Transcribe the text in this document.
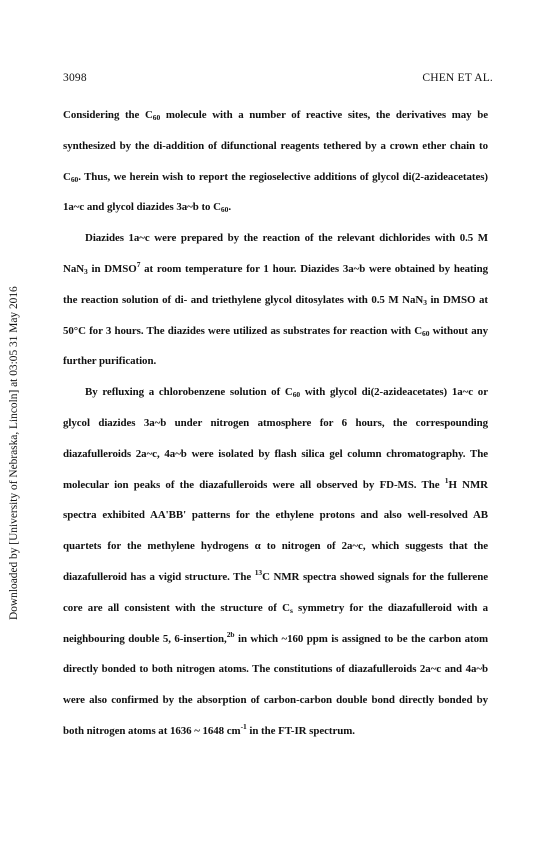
3098	CHEN ET AL.
Downloaded by [University of Nebraska, Lincoln] at 03:05 31 May 2016

Considering the $C_{60}$ molecule with a number of reactive sites, the derivatives may be synthesized by the di-addition of difunctional reagents tethered by a crown ether chain to $C_{60}$. Thus, we herein wish to report the regioselective additions of glycol di(2-azideacetates) 1a~c and glycol diazides 3a~b to $C_{60}$.

Diazides 1a~c were prepared by the reaction of the relevant dichlorides with 0.5 M NaN$_3$ in DMSO$^7$ at room temperature for 1 hour. Diazides 3a~b were obtained by heating the reaction solution of di- and triethylene glycol ditosylates with 0.5 M NaN$_3$ in DMSO at 50°C for 3 hours. The diazides were utilized as substrates for reaction with $C_{60}$ without any further purification.

By refluxing a chlorobenzene solution of $C_{60}$ with glycol di(2-azideacetates) 1a~c or glycol diazides 3a~b under nitrogen atmosphere for 6 hours, the correspounding diazafulleroids 2a~c, 4a~b were isolated by flash silica gel column chromatography. The molecular ion peaks of the diazafulleroids were all observed by FD-MS. The $^1$H NMR spectra exhibited AA'BB' patterns for the ethylene protons and also well-resolved AB quartets for the methylene hydrogens α to nitrogen of 2a~c, which suggests that the diazafulleroid has a vigid structure. The $^{13}$C NMR spectra showed signals for the fullerene core are all consistent with the structure of $C_s$ symmetry for the diazafulleroid with a neighbouring double 5, 6-insertion,$^{2b}$ in which ~160 ppm is assigned to be the carbon atom directly bonded to both nitrogen atoms. The constitutions of diazafulleroids 2a~c and 4a~b were also confirmed by the absorption of carbon-carbon double bond directly bonded by both nitrogen atoms at 1636 ~ 1648 $cm^{-1}$ in the FT-IR spectrum.
